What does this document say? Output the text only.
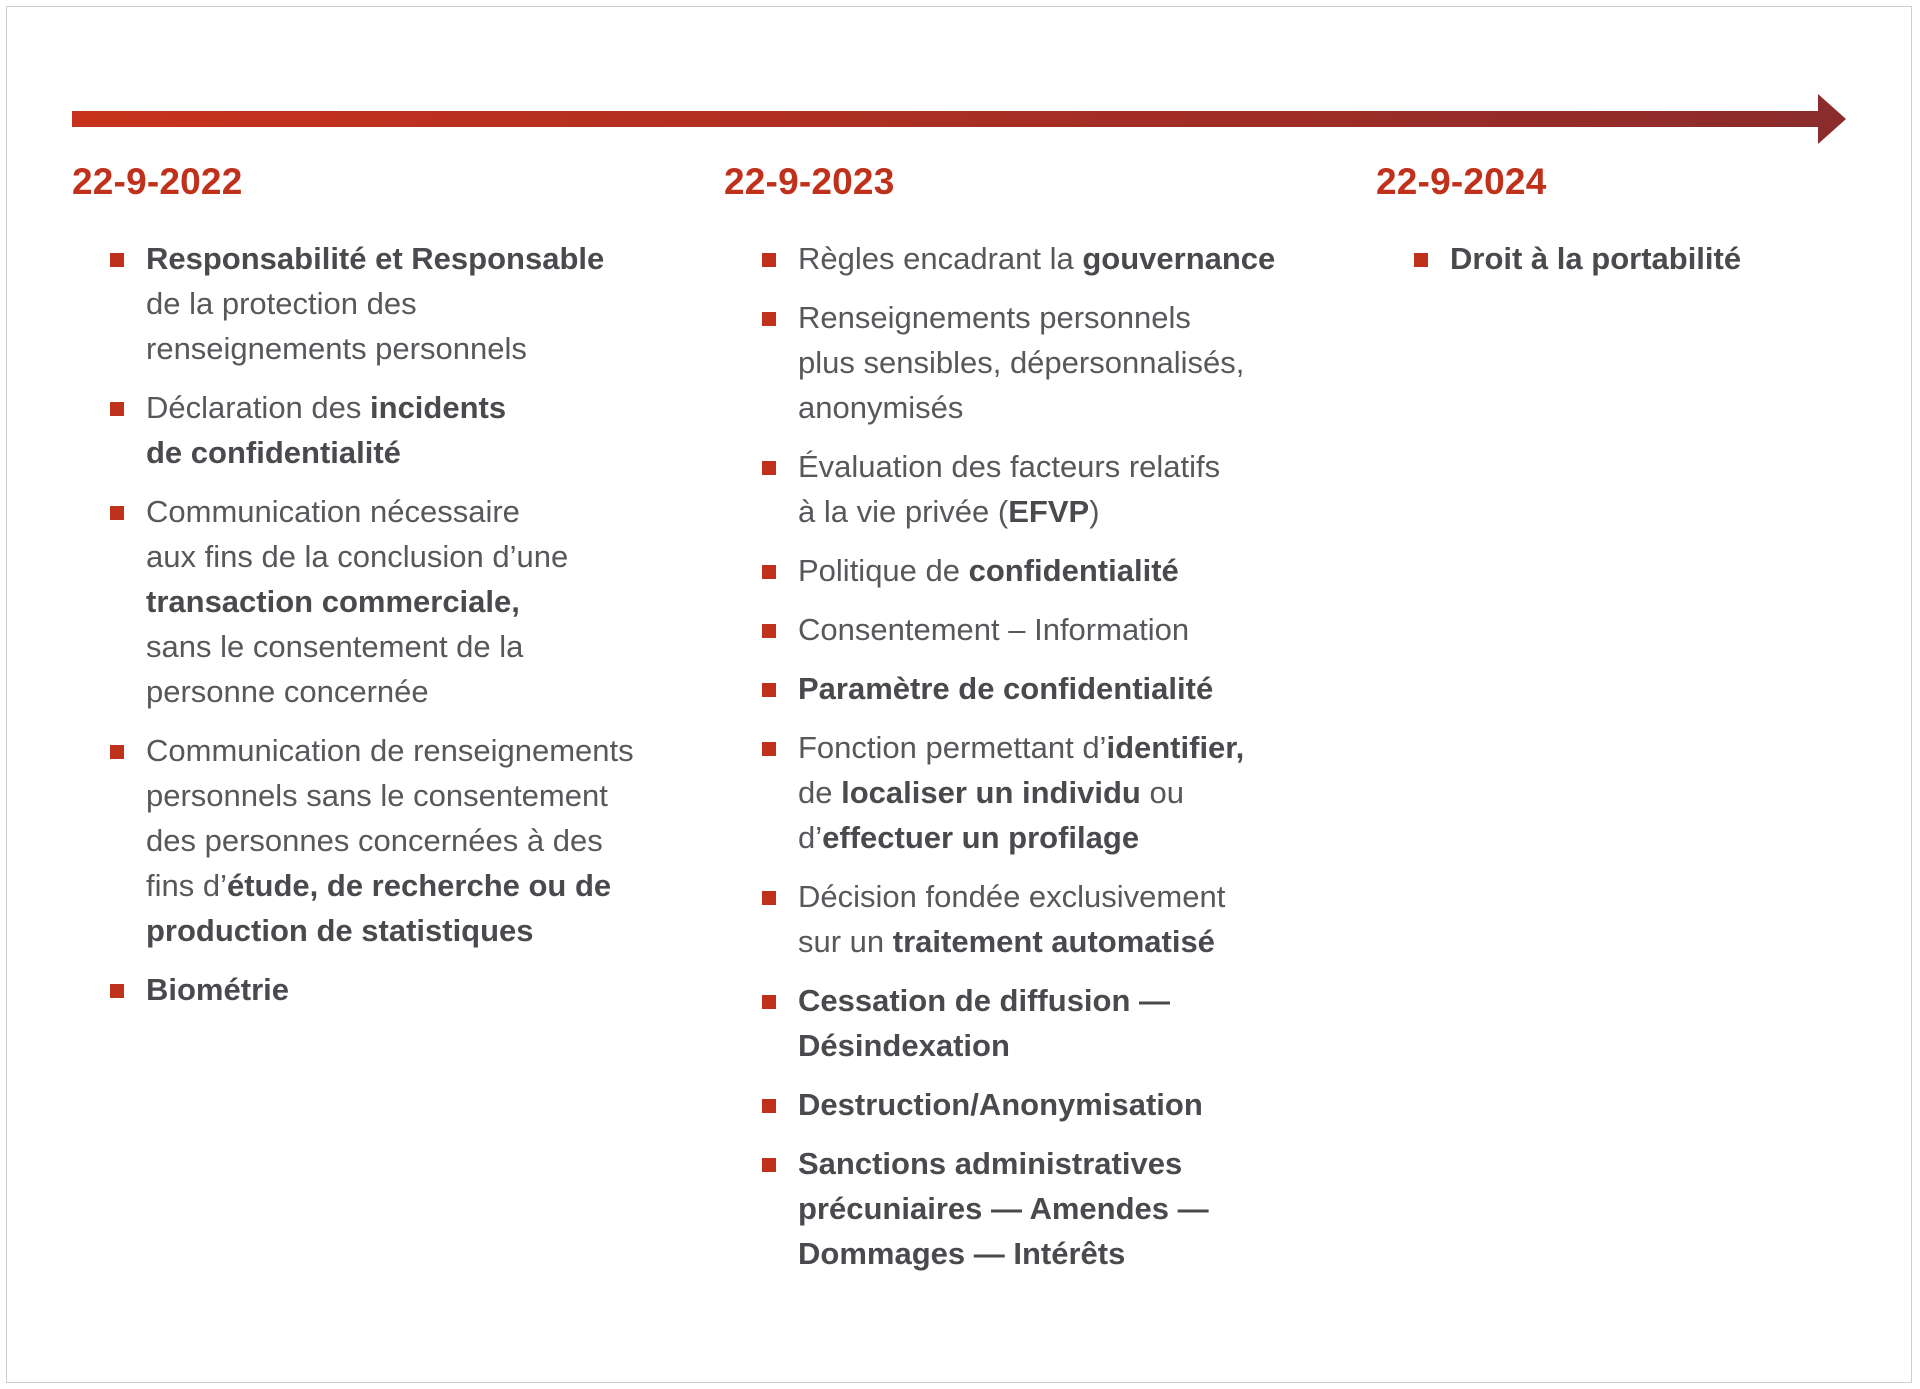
22-9-2022
Responsabilité et Responsable
de la protection des
renseignements personnels
Déclaration des incidents
de confidentialité
Communication nécessaire
aux fins de la conclusion d’une
transaction commerciale,
sans le consentement de la
personne concernée
Communication de renseignements
personnels sans le consentement
des personnes concernées à des
fins d’étude, de recherche ou de
production de statistiques
Biométrie
22-9-2023
Règles encadrant la gouvernance
Renseignements personnels
plus sensibles, dépersonnalisés,
anonymisés
Évaluation des facteurs relatifs
à la vie privée (EFVP)
Politique de confidentialité
Consentement – Information
Paramètre de confidentialité
Fonction permettant d’identifier,
de localiser un individu ou
d’effectuer un profilage
Décision fondée exclusivement
sur un traitement automatisé
Cessation de diffusion —
Désindexation
Destruction/Anonymisation
Sanctions administratives
précuniaires — Amendes —
Dommages — Intérêts
22-9-2024
Droit à la portabilité
